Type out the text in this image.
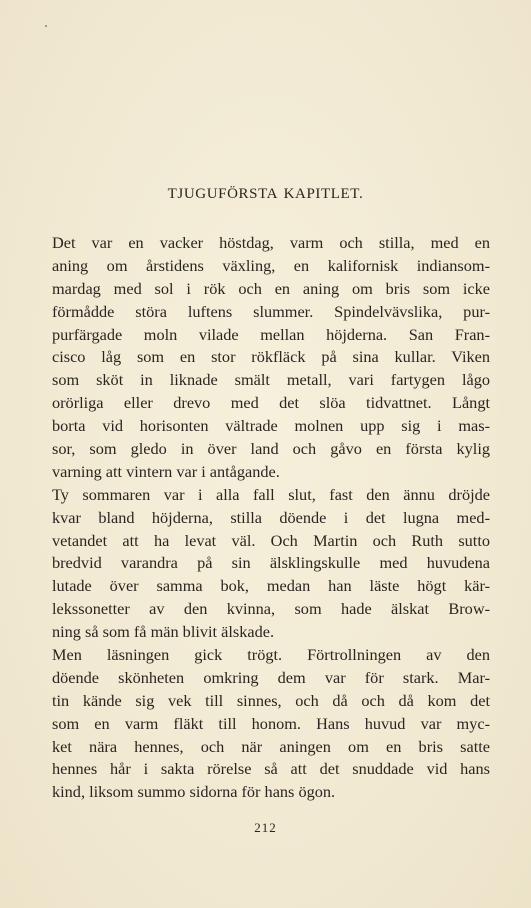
TJUGUFÖRSTA KAPITLET.
Det var en vacker höstdag, varm och stilla, med en
aning om årstidens växling, en kalifornisk indiansom-
mardag med sol i rök och en aning om bris som icke
förmådde störa luftens slummer. Spindelvävslika, pur-
purfärgade moln vilade mellan höjderna. San Fran-
cisco låg som en stor rökfläck på sina kullar. Viken
som sköt in liknade smält metall, vari fartygen lågo
orörliga eller drevo med det slöa tidvattnet. Långt
borta vid horisonten vältrade molnen upp sig i mas-
sor, som gledo in över land och gåvo en första kylig
varning att vintern var i antågande.
Ty sommaren var i alla fall slut, fast den ännu dröjde
kvar bland höjderna, stilla döende i det lugna med-
vetandet att ha levat väl. Och Martin och Ruth sutto
bredvid varandra på sin älsklingskulle med huvudena
lutade över samma bok, medan han läste högt kär-
lekssonetter av den kvinna, som hade älskat Brow-
ning så som få män blivit älskade.
Men läsningen gick trögt. Förtrollningen av den
döende skönheten omkring dem var för stark. Mar-
tin kände sig vek till sinnes, och då och då kom det
som en varm fläkt till honom. Hans huvud var myc-
ket nära hennes, och när aningen om en bris satte
hennes hår i sakta rörelse så att det snuddade vid hans
kind, liksom summo sidorna för hans ögon.
212
